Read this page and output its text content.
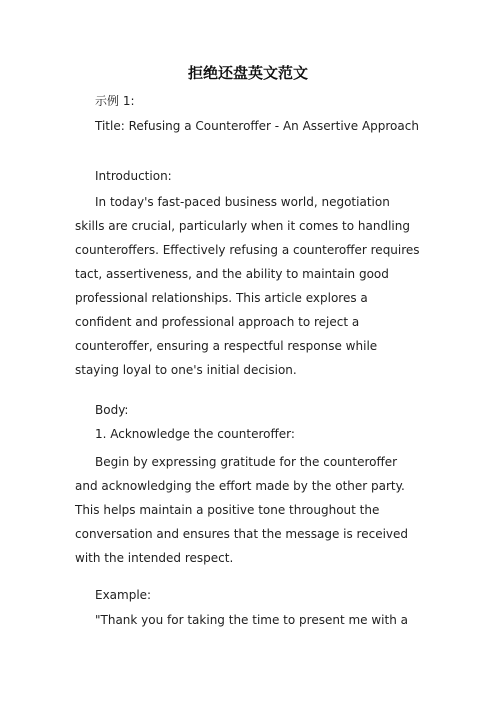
拒绝还盘英文范文
示例 1:
Title: Refusing a Counteroffer - An Assertive Approach
Introduction:
In today's fast-paced business world, negotiation skills are crucial, particularly when it comes to handling counteroffers. Effectively refusing a counteroffer requires tact, assertiveness, and the ability to maintain good professional relationships. This article explores a confident and professional approach to reject a counteroffer, ensuring a respectful response while staying loyal to one's initial decision.
Body:
1. Acknowledge the counteroffer:
Begin by expressing gratitude for the counteroffer and acknowledging the effort made by the other party. This helps maintain a positive tone throughout the conversation and ensures that the message is received with the intended respect.
Example:
"Thank you for taking the time to present me with a
